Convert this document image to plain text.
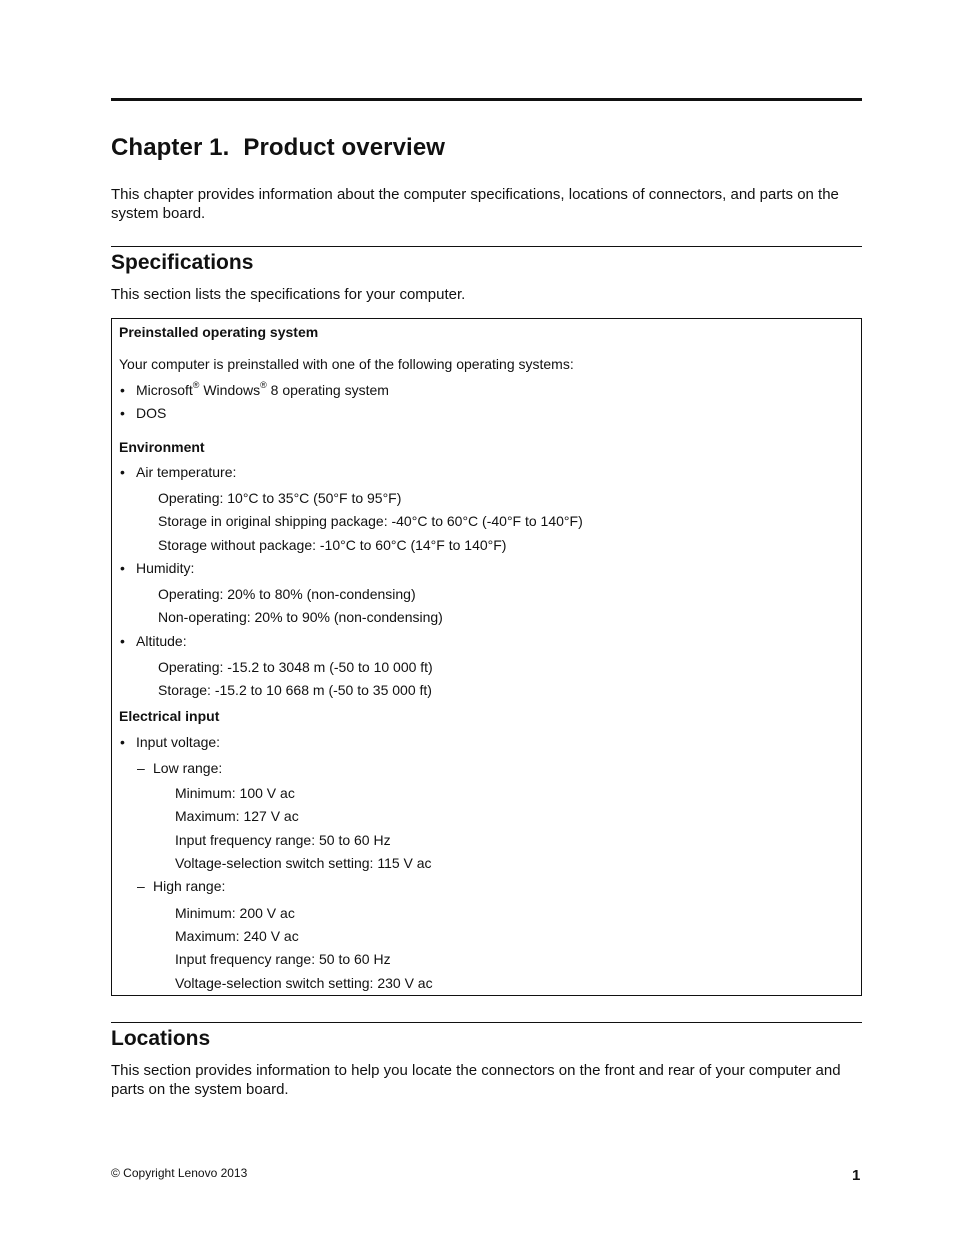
Chapter 1. Product overview

This chapter provides information about the computer specifications, locations of connectors, and parts on the system board.

Specifications

This section lists the specifications for your computer.

Preinstalled operating system
Your computer is preinstalled with one of the following operating systems:
• Microsoft® Windows® 8 operating system
• DOS
Environment
• Air temperature:
Operating: 10°C to 35°C (50°F to 95°F)
Storage in original shipping package: -40°C to 60°C (-40°F to 140°F)
Storage without package: -10°C to 60°C (14°F to 140°F)
• Humidity:
Operating: 20% to 80% (non-condensing)
Non-operating: 20% to 90% (non-condensing)
• Altitude:
Operating: -15.2 to 3048 m (-50 to 10 000 ft)
Storage: -15.2 to 10 668 m (-50 to 35 000 ft)
Electrical input
• Input voltage:
– Low range:
Minimum: 100 V ac
Maximum: 127 V ac
Input frequency range: 50 to 60 Hz
Voltage-selection switch setting: 115 V ac
– High range:
Minimum: 200 V ac
Maximum: 240 V ac
Input frequency range: 50 to 60 Hz
Voltage-selection switch setting: 230 V ac
Locations

This section provides information to help you locate the connectors on the front and rear of your computer and parts on the system board.

© Copyright Lenovo 2013	1
